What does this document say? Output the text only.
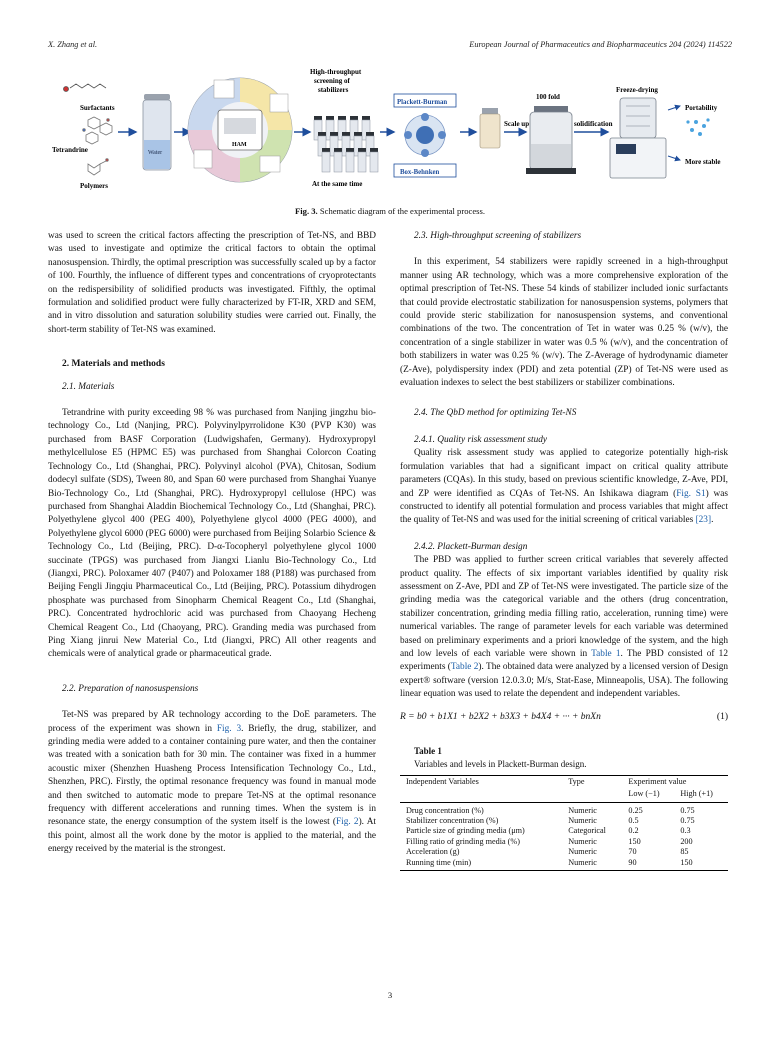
X. Zhang et al.	European Journal of Pharmaceutics and Biopharmaceutics 204 (2024) 114522
Surfactants
Tetrandrine
Polymers
Water
HAM
High-throughput
screening of
stabilizers
At the same time
Plackett-Burman
Box-Behnken
Scale up
100 fold
solidification
Freeze-drying
Portability
More stable
Fig. 3. Schematic diagram of the experimental process.

was used to screen the critical factors affecting the prescription of Tet-NS, and BBD was used to investigate and optimize the critical factors to obtain the optimal nanosuspension. Thirdly, the optimal prescription was successfully scaled up by a factor of 100. Fourthly, the influence of different types and concentrations of cryoprotectants on the redispersibility of solidified products was investigated. Fifthly, the optimal formulation and solidified product were fully characterized by FT-IR, XRD and SEM, and in vitro dissolution and saturation solubility studies were carried out. Finally, the short-term stability of Tet-NS was examined.

2. Materials and methods

2.1. Materials

Tetrandrine with purity exceeding 98 % was purchased from Nanjing jingzhu bio-technology Co., Ltd (Nanjing, PRC). Polyvinylpyrrolidone K30 (PVP K30) was purchased from BASF Corporation (Ludwigshafen, Germany). Hydroxypropyl methylcellulose E5 (HPMC E5) was purchased from Shanghai Colorcon Coating Technology Co., Ltd (Shanghai, PRC). Polyvinyl alcohol (PVA), Chitosan, Sodium dodecyl sulfate (SDS), Tween 80, and Span 60 were purchased from Shanghai Yuanye Bio-Technology Co., Ltd (Shanghai, PRC). Hydroxypropyl cellulose (HPC) was purchased from Shanghai Aladdin Biochemical Technology Co., Ltd (Shanghai, PRC). Polyethylene glycol 400 (PEG 400), Polyethylene glycol 4000 (PEG 4000), and Polyethylene glycol 6000 (PEG 6000) were purchased from Beijing Solarbio Science & Technology Co., Ltd (Beijing, PRC). D-α-Tocopheryl polyethylene glycol 1000 succinate (TPGS) was purchased from Jiangxi Lianlu Bio-Technology Co., Ltd (Jiangxi, PRC). Poloxamer 407 (P407) and Poloxamer 188 (P188) was purchased from Beijing Fengli Jingqiu Pharmaceutical Co., Ltd (Beijing, PRC). Potassium dihydrogen phosphate was purchased from Sinopharm Chemical Reagent Co., Ltd (Shanghai, PRC). Concentrated hydrochloric acid was purchased from Chaoyang Hecheng Chemical Reagent Co., Ltd (Chaoyang, PRC). Granding media was purchased from Ping Xiang jinrui New Material Co., Ltd (Jiangxi, PRC) All other reagents and chemicals were of analytical grade or pharmaceutical grade.

2.2. Preparation of nanosuspensions

Tet-NS was prepared by AR technology according to the DoE parameters. The process of the experiment was shown in Fig. 3. Briefly, the drug, stabilizer, and grinding media were added to a container containing pure water, and then the container was treated with a sonication bath for 30 min. The container was fixed in a hummer acoustic mixer (Shenzhen Huasheng Process Intensification Technology Co., Ltd., Shenzhen, PRC). Firstly, the optimal resonance frequency was found in manual mode and then switched to automatic mode to prepare Tet-NS at the optimal resonance frequency with different accelerations and running times. When the system is in resonance state, the energy consumption of the system itself is the lowest (Fig. 2). At this point, almost all the work done by the motor is applied to the material, and the energy received by the material is the strongest.

2.3. High-throughput screening of stabilizers

In this experiment, 54 stabilizers were rapidly screened in a high-throughput manner using AR technology, which was a more comprehensive exploration of the optimal prescription of Tet-NS. These 54 kinds of stabilizer included ionic surfactants that could provide electrostatic stabilization for nanosuspension systems, polymers that could provide steric stabilization for nanosuspension systems, and conventional combinations of the two. The concentration of Tet in water was 0.25 % (w/v), the concentration of a single stabilizer in water was 0.5 % (w/v), and the concentration of both stabilizers in water was 0.25 % (w/v). The Z-Average of hydrodynamic diameter (Z-Ave), polydispersity index (PDI) and zeta potential (ZP) of Tet-NS were used as evaluation indexes to select the best stabilizers or stabilizer combinations.

2.4. The QbD method for optimizing Tet-NS

2.4.1. Quality risk assessment study

Quality risk assessment study was applied to categorize potentially high-risk formulation variables that had a significant impact on critical quality attribute parameters (CQAs). In this study, based on previous scientific knowledge, Z-Ave, PDI, and ZP were identified as CQAs of Tet-NS. An Ishikawa diagram (Fig. S1) was constructed to identify all potential formulation and process variables that might affect the quality of Tet-NS and was used for the initial screening of critical variables [23].

2.4.2. Plackett-Burman design

The PBD was applied to further screen critical variables that severely affected product quality. The effects of six important variables identified by quality risk assessment on Z-Ave, PDI and ZP of Tet-NS were investigated. The particle size of the grinding media was the categorical variable and the others (drug concentration, stabilizer concentration, grinding media filling ratio, acceleration, running time) were numerical variables. The range of parameter levels for each variable was determined based on preliminary experiments and a priori knowledge of the system, and the high and low levels of each variable were shown in Table 1. The PBD consisted of 12 experiments (Table 2). The obtained data were analyzed by a licensed version of Design expert® software (version 12.0.3.0; M/s, Stat-Ease, Minneapolis, USA). The following linear equation was used to relate the dependent and independent variables.

R = b0 + b1X1 + b2X2 + b3X3 + b4X4 + ··· + bnXn	(1)

Table 1

Variables and levels in Plackett-Burman design.

Independent Variables	Type	Experiment value	
		Low (−1)	High (+1)
Drug concentration (%)	Numeric	0.25	0.75
Stabilizer concentration (%)	Numeric	0.5	0.75
Particle size of grinding media (μm)	Categorical	0.2	0.3
Filling ratio of grinding media (%)	Numeric	150	200
Acceleration (g)	Numeric	70	85
Running time (min)	Numeric	90	150
3
